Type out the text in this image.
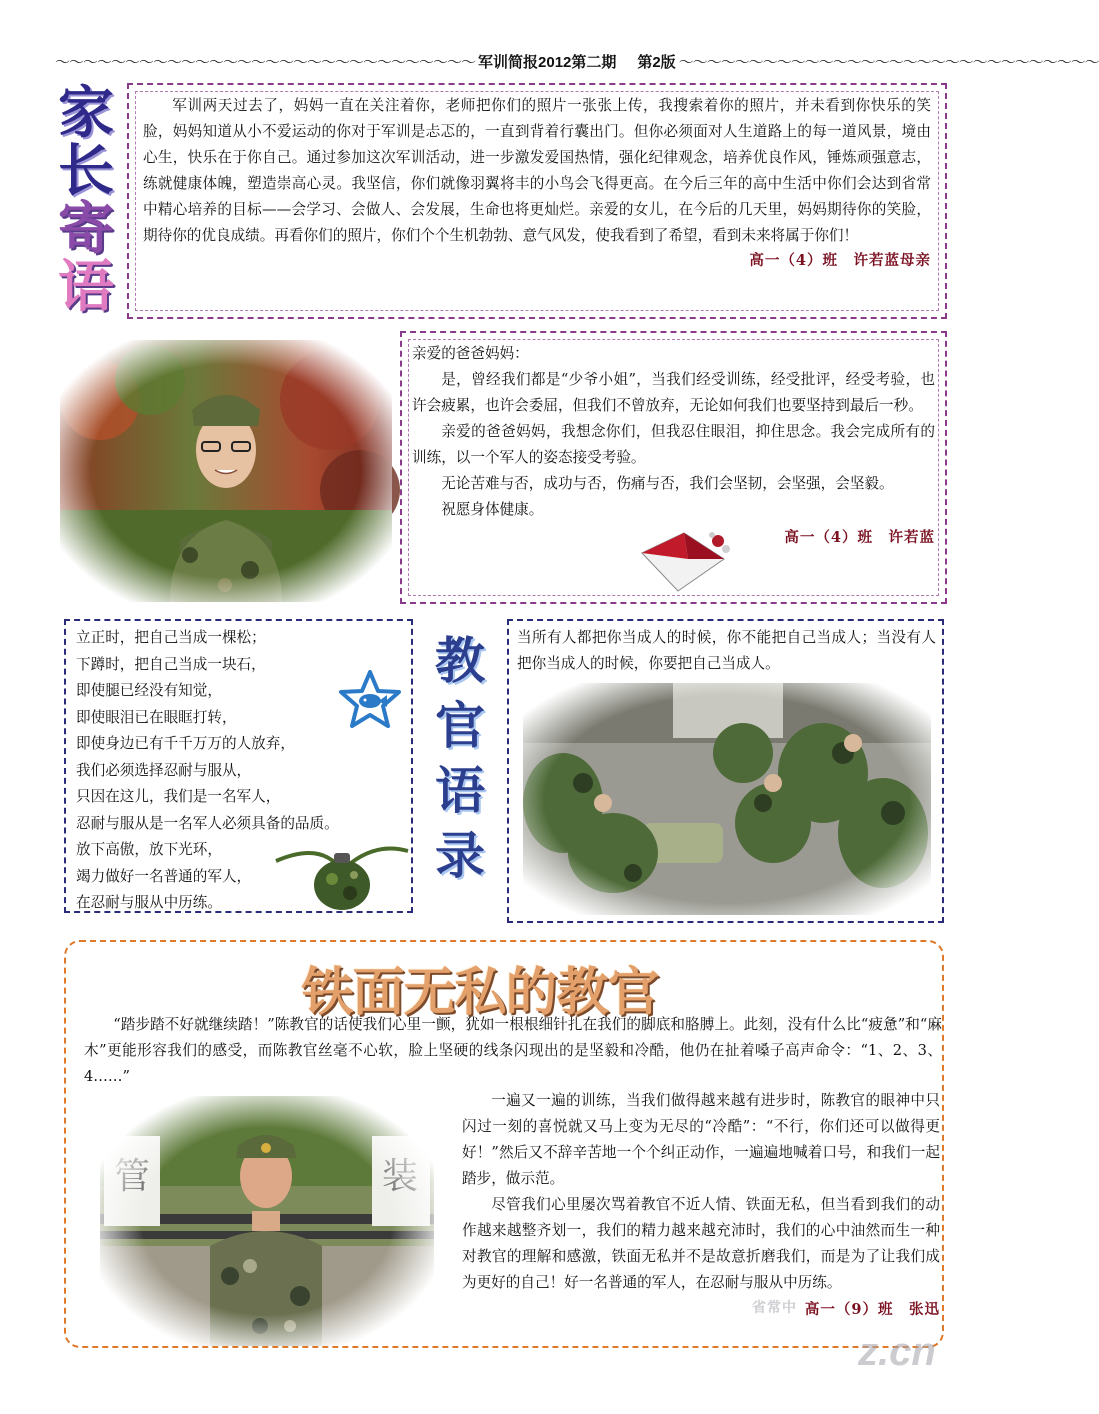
～～～～～～～～～～～～～～～～～～～～～～～～～～～～～～ 军训简报2012第二期 第2版 ～～～～～～～～～～～～～～～～～～～～～～～～～～～～～～
家
长
寄
语

军训两天过去了，妈妈一直在关注着你，老师把你们的照片一张张上传，我搜索着你的照片，并未看到你快乐的笑脸，妈妈知道从小不爱运动的你对于军训是忐忑的，一直到背着行囊出门。但你必须面对人生道路上的每一道风景，境由心生，快乐在于你自己。通过参加这次军训活动，进一步激发爱国热情，强化纪律观念，培养优良作风，锤炼顽强意志，练就健康体魄，塑造崇高心灵。我坚信，你们就像羽翼将丰的小鸟会飞得更高。在今后三年的高中生活中你们会达到省常中精心培养的目标——会学习、会做人、会发展，生命也将更灿烂。亲爱的女儿，在今后的几天里，妈妈期待你的笑脸，期待你的优良成绩。再看你们的照片，你们个个生机勃勃、意气风发，使我看到了希望，看到未来将属于你们！

高一（4）班　许若蓝母亲

亲爱的爸爸妈妈：

是，曾经我们都是“少爷小姐”，当我们经受训练，经受批评，经受考验，也许会疲累，也许会委屈，但我们不曾放弃，无论如何我们也要坚持到最后一秒。

亲爱的爸爸妈妈，我想念你们，但我忍住眼泪，抑住思念。我会完成所有的训练，以一个军人的姿态接受考验。

无论苦难与否，成功与否，伤痛与否，我们会坚韧，会坚强，会坚毅。

祝愿身体健康。

高一（4）班　许若蓝
立正时，把自己当成一棵松；
下蹲时，把自己当成一块石，
即使腿已经没有知觉，
即使眼泪已在眼眶打转，
即使身边已有千千万万的人放弃，
我们必须选择忍耐与服从，
只因在这儿，我们是一名军人，
忍耐与服从是一名军人必须具备的品质。
放下高傲，放下光环，
竭力做好一名普通的军人，
在忍耐与服从中历练。
教
官
语
录

当所有人都把你当成人的时候，你不能把自己当成人；当没有人把你当成人的时候，你要把自己当成人。

铁面无私的教官

“踏步踏不好就继续踏！”陈教官的话使我们心里一颤，犹如一根根细针扎在我们的脚底和胳膊上。此刻，没有什么比“疲惫”和“麻木”更能形容我们的感受，而陈教官丝毫不心软，脸上坚硬的线条闪现出的是坚毅和冷酷，他仍在扯着嗓子高声命令：“1、2、3、4……”

一遍又一遍的训练，当我们做得越来越有进步时，陈教官的眼神中只闪过一刻的喜悦就又马上变为无尽的“冷酷”：“不行，你们还可以做得更好！”然后又不辞辛苦地一个个纠正动作，一遍遍地喊着口号，和我们一起踏步，做示范。

尽管我们心里屡次骂着教官不近人情、铁面无私，但当看到我们的动作越来越整齐划一，我们的精力越来越充沛时，我们的心中油然而生一种对教官的理解和感激，铁面无私并不是故意折磨我们，而是为了让我们成为更好的自己！好一名普通的军人，在忍耐与服从中历练。

高一（9）班　张迅
省常中
z.cn
